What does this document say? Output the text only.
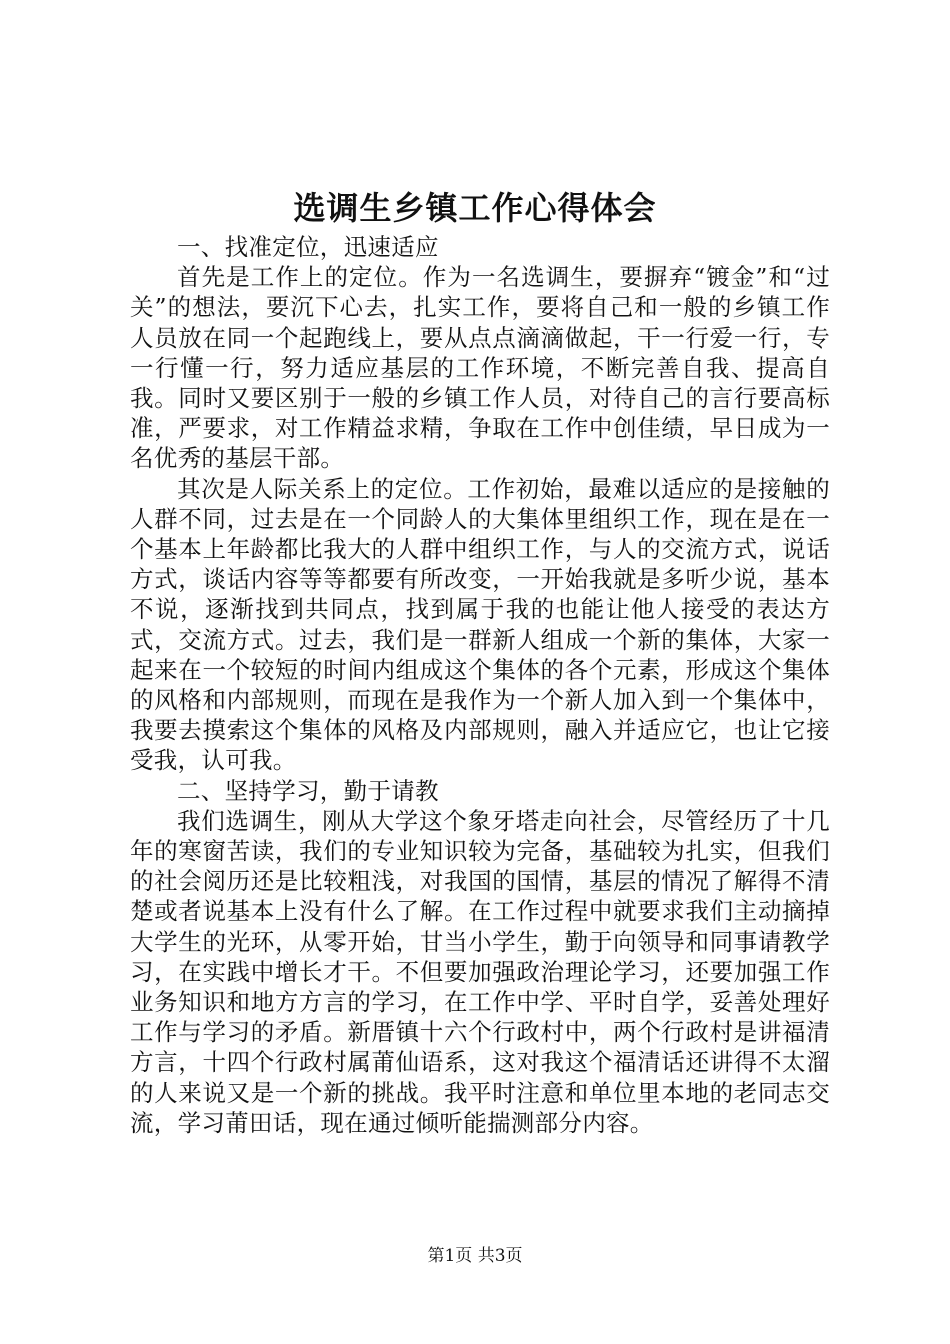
选调生乡镇工作心得体会

一、找准定位，迅速适应

首先是工作上的定位。作为一名选调生，要摒弃“镀金”和“过关”的想法，要沉下心去，扎实工作，要将自己和一般的乡镇工作人员放在同一个起跑线上，要从点点滴滴做起，干一行爱一行，专一行懂一行，努力适应基层的工作环境，不断完善自我、提高自我。同时又要区别于一般的乡镇工作人员，对待自己的言行要高标准，严要求，对工作精益求精，争取在工作中创佳绩，早日成为一名优秀的基层干部。

其次是人际关系上的定位。工作初始，最难以适应的是接触的人群不同，过去是在一个同龄人的大集体里组织工作，现在是在一个基本上年龄都比我大的人群中组织工作，与人的交流方式，说话方式，谈话内容等等都要有所改变，一开始我就是多听少说，基本不说，逐渐找到共同点，找到属于我的也能让他人接受的表达方式，交流方式。过去，我们是一群新人组成一个新的集体，大家一起来在一个较短的时间内组成这个集体的各个元素，形成这个集体的风格和内部规则，而现在是我作为一个新人加入到一个集体中，我要去摸索这个集体的风格及内部规则，融入并适应它，也让它接受我，认可我。

二、坚持学习，勤于请教

我们选调生，刚从大学这个象牙塔走向社会，尽管经历了十几年的寒窗苦读，我们的专业知识较为完备，基础较为扎实，但我们的社会阅历还是比较粗浅，对我国的国情，基层的情况了解得不清楚或者说基本上没有什么了解。在工作过程中就要求我们主动摘掉大学生的光环，从零开始，甘当小学生，勤于向领导和同事请教学习，在实践中增长才干。不但要加强政治理论学习，还要加强工作业务知识和地方方言的学习，在工作中学、平时自学，妥善处理好工作与学习的矛盾。新厝镇十六个行政村中，两个行政村是讲福清方言，十四个行政村属莆仙语系，这对我这个福清话还讲得不太溜的人来说又是一个新的挑战。我平时注意和单位里本地的老同志交流，学习莆田话，现在通过倾听能揣测部分内容。

第1页 共3页
